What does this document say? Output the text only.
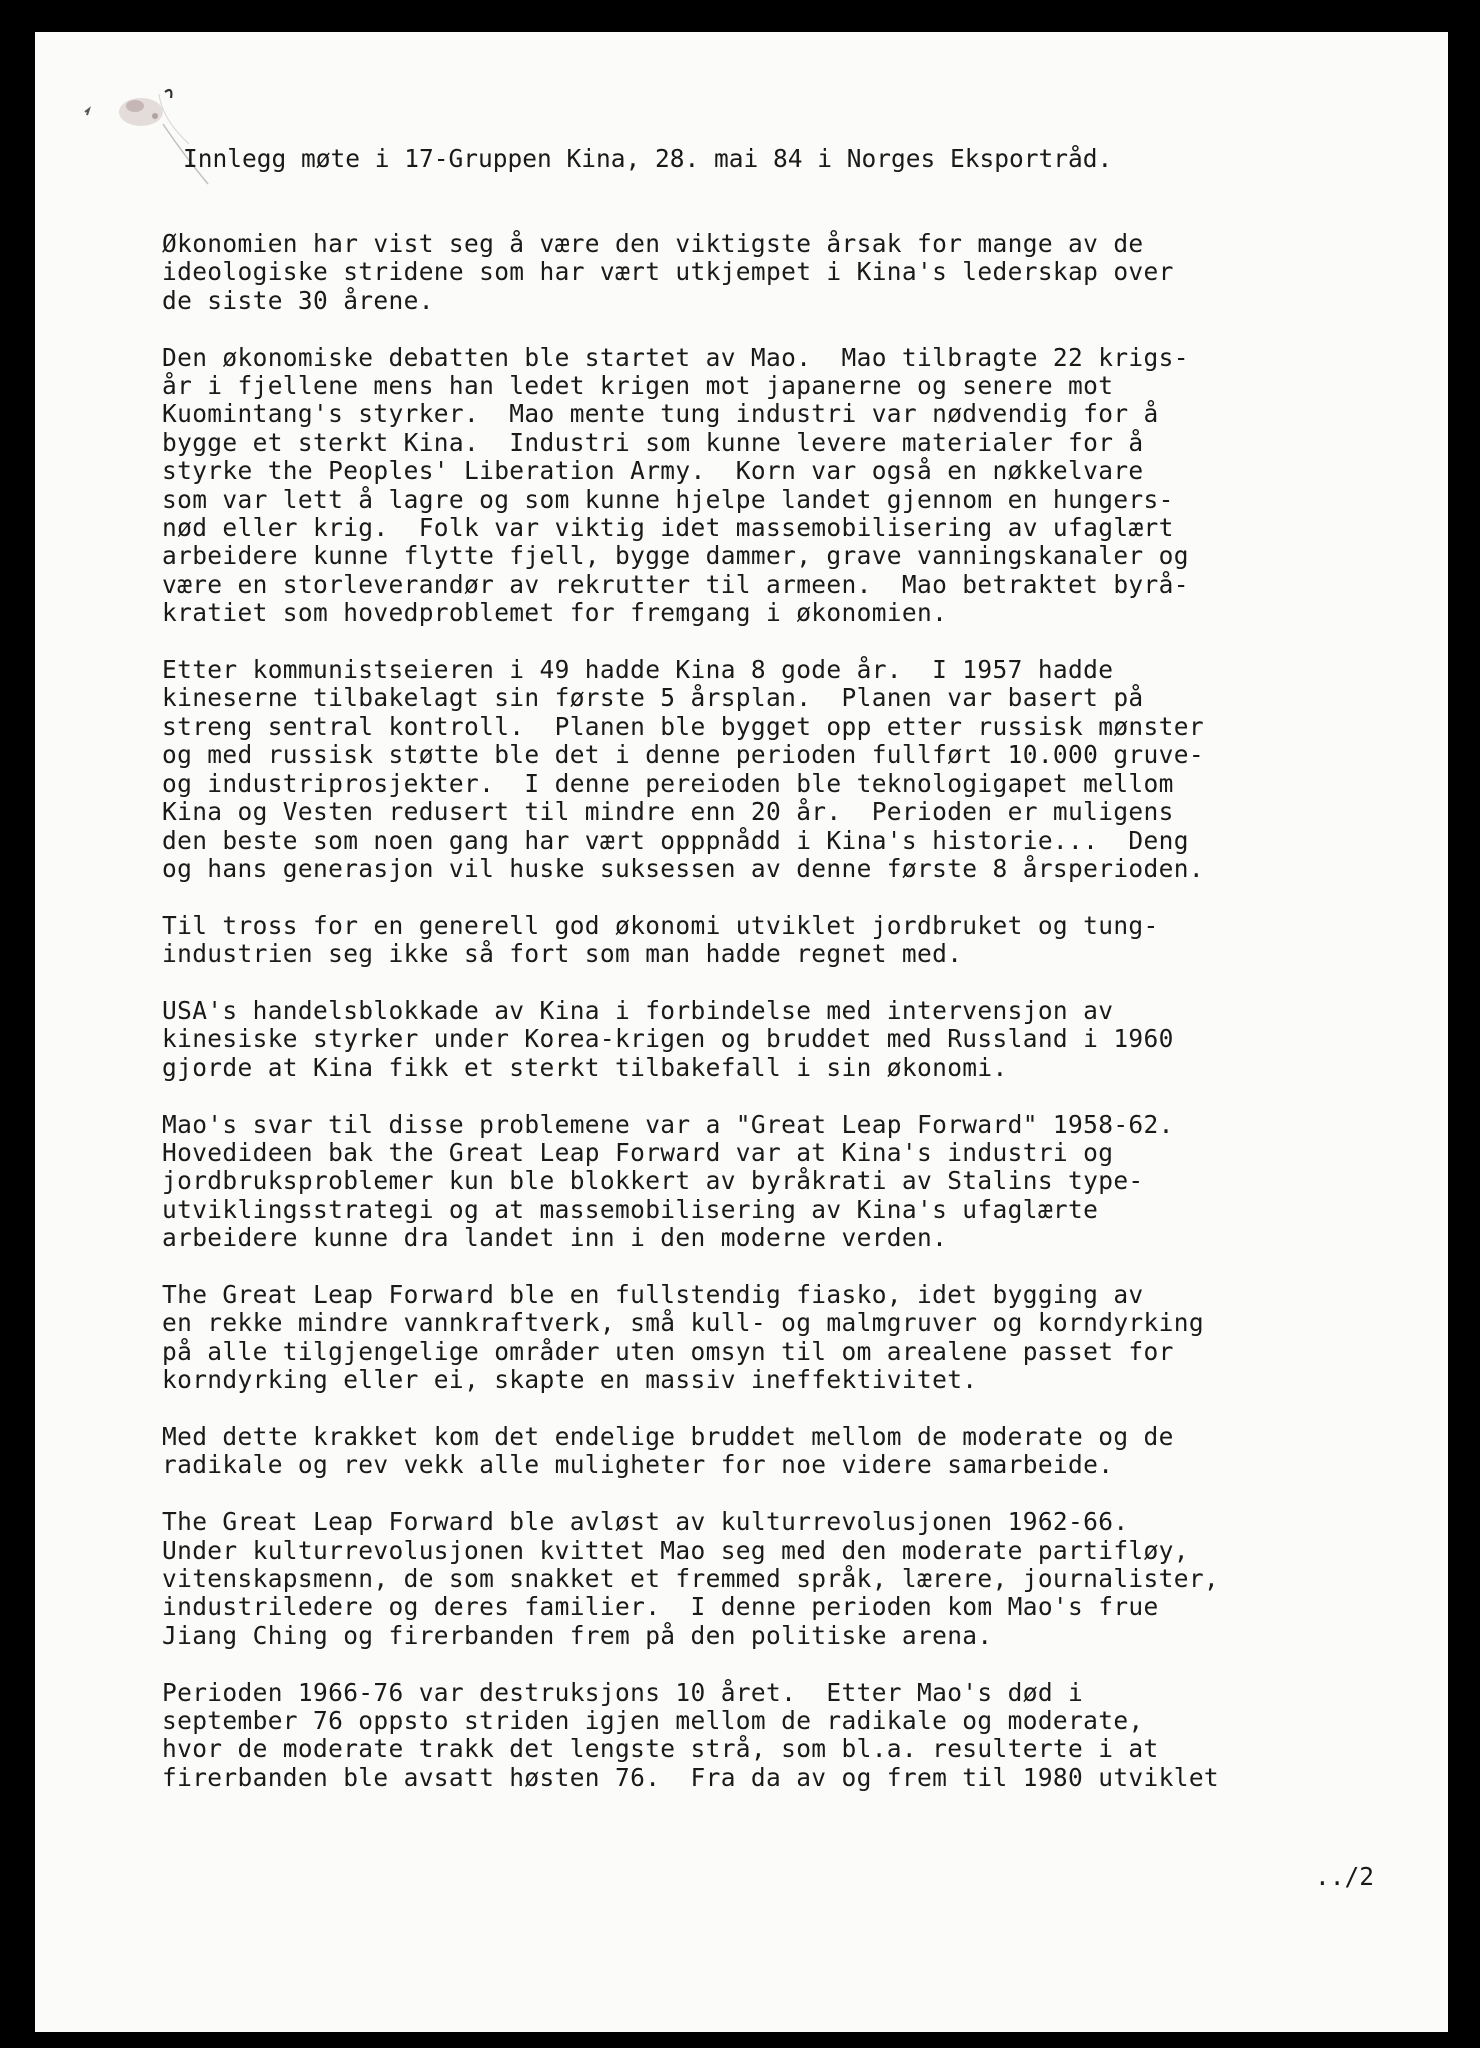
Innlegg møte i 17-Gruppen Kina, 28. mai 84 i Norges Eksportråd.

Økonomien har vist seg å være den viktigste årsak for mange av de
ideologiske stridene som har vært utkjempet i Kina's lederskap over
de siste 30 årene.

Den økonomiske debatten ble startet av Mao.  Mao tilbragte 22 krigs-
år i fjellene mens han ledet krigen mot japanerne og senere mot
Kuomintang's styrker.  Mao mente tung industri var nødvendig for å
bygge et sterkt Kina.  Industri som kunne levere materialer for å
styrke the Peoples' Liberation Army.  Korn var også en nøkkelvare
som var lett å lagre og som kunne hjelpe landet gjennom en hungers-
nød eller krig.  Folk var viktig idet massemobilisering av ufaglært
arbeidere kunne flytte fjell, bygge dammer, grave vanningskanaler og
være en storleverandør av rekrutter til armeen.  Mao betraktet byrå-
kratiet som hovedproblemet for fremgang i økonomien.

Etter kommunistseieren i 49 hadde Kina 8 gode år.  I 1957 hadde
kineserne tilbakelagt sin første 5 årsplan.  Planen var basert på
streng sentral kontroll.  Planen ble bygget opp etter russisk mønster
og med russisk støtte ble det i denne perioden fullført 10.000 gruve-
og industriprosjekter.  I denne pereioden ble teknologigapet mellom
Kina og Vesten redusert til mindre enn 20 år.  Perioden er muligens
den beste som noen gang har vært opppnådd i Kina's historie...  Deng
og hans generasjon vil huske suksessen av denne første 8 årsperioden.

Til tross for en generell god økonomi utviklet jordbruket og tung-
industrien seg ikke så fort som man hadde regnet med.

USA's handelsblokkade av Kina i forbindelse med intervensjon av
kinesiske styrker under Korea-krigen og bruddet med Russland i 1960
gjorde at Kina fikk et sterkt tilbakefall i sin økonomi.

Mao's svar til disse problemene var a "Great Leap Forward" 1958-62.
Hovedideen bak the Great Leap Forward var at Kina's industri og
jordbruksproblemer kun ble blokkert av byråkrati av Stalins type-
utviklingsstrategi og at massemobilisering av Kina's ufaglærte
arbeidere kunne dra landet inn i den moderne verden.

The Great Leap Forward ble en fullstendig fiasko, idet bygging av
en rekke mindre vannkraftverk, små kull- og malmgruver og korndyrking
på alle tilgjengelige områder uten omsyn til om arealene passet for
korndyrking eller ei, skapte en massiv ineffektivitet.

Med dette krakket kom det endelige bruddet mellom de moderate og de
radikale og rev vekk alle muligheter for noe videre samarbeide.

The Great Leap Forward ble avløst av kulturrevolusjonen 1962-66.
Under kulturrevolusjonen kvittet Mao seg med den moderate partifløy,
vitenskapsmenn, de som snakket et fremmed språk, lærere, journalister,
industriledere og deres familier.  I denne perioden kom Mao's frue
Jiang Ching og firerbanden frem på den politiske arena.

Perioden 1966-76 var destruksjons 10 året.  Etter Mao's død i
september 76 oppsto striden igjen mellom de radikale og moderate,
hvor de moderate trakk det lengste strå, som bl.a. resulterte i at
firerbanden ble avsatt høsten 76.  Fra da av og frem til 1980 utviklet

../2
